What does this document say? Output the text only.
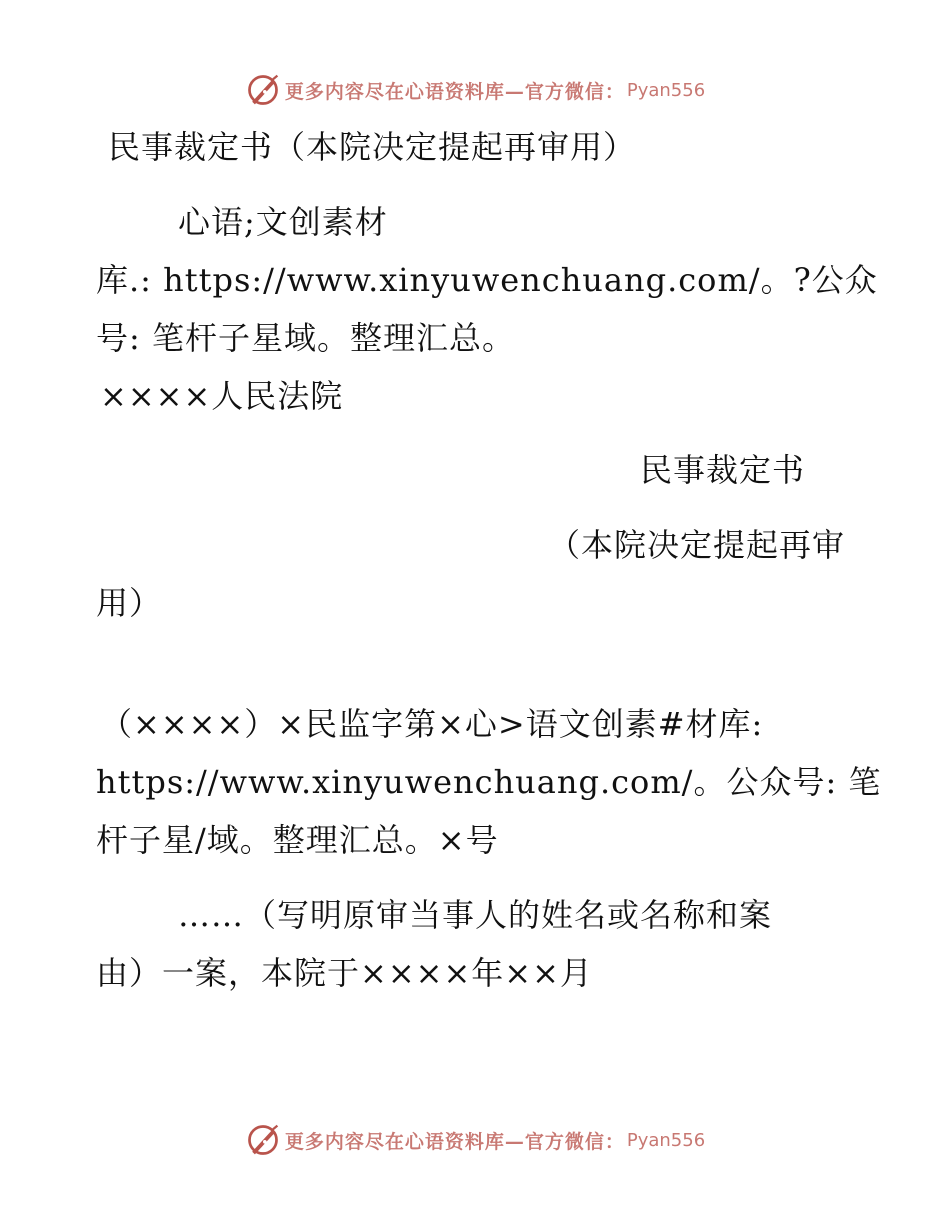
更多内容尽在心语资料库—官方微信： Pyan556

民事裁定书（本院决定提起再审用）

心语;文创素材

库.: https://www.xinyuwenchuang.com/。?公众

号: 笔杆子星域。整理汇总。

××××人民法院

民事裁定书

（本院决定提起再审

用）

（××××）×民监字第×心>语文创素#材库:

https://www.xinyuwenchuang.com/。公众号: 笔

杆子星/域。整理汇总。×号

……（写明原审当事人的姓名或名称和案

由）一案，本院于××××年××月

更多内容尽在心语资料库—官方微信： Pyan556
